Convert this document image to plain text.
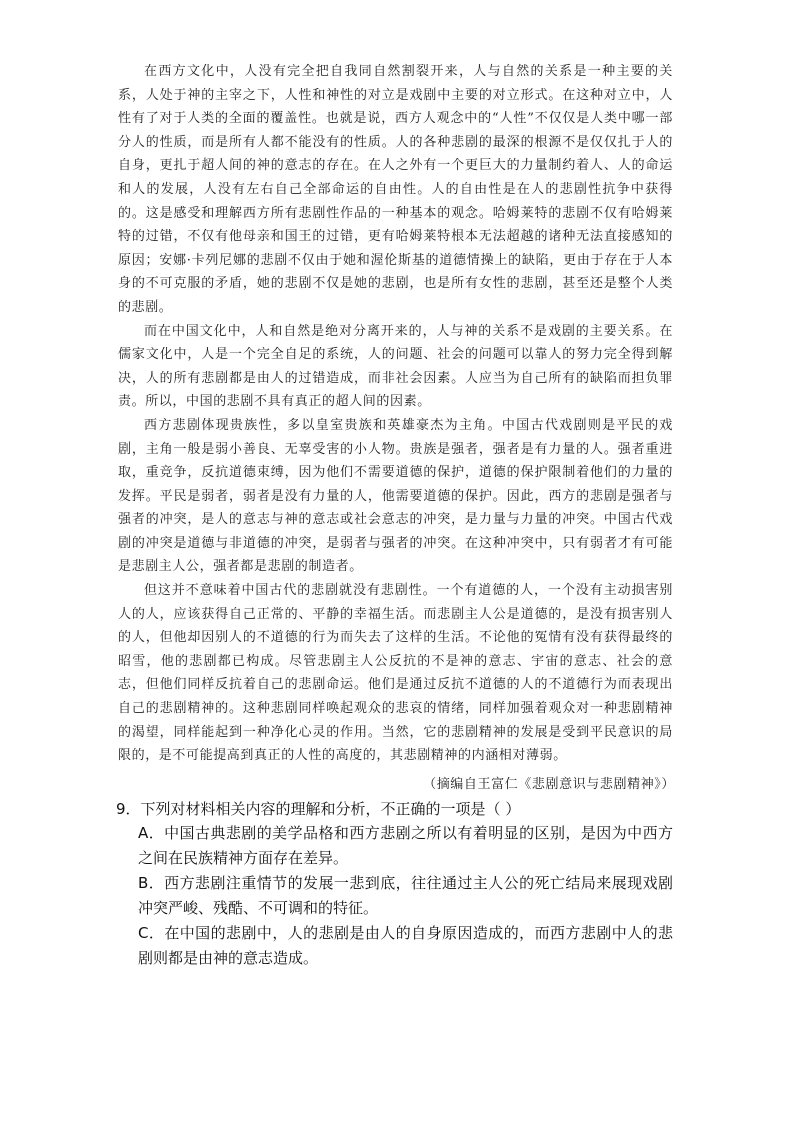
在西方文化中，人没有完全把自我同自然割裂开来，人与自然的关系是一种主要的关系，人处于神的主宰之下，人性和神性的对立是戏剧中主要的对立形式。在这种对立中，人性有了对于人类的全面的覆盖性。也就是说，西方人观念中的“人性”不仅仅是人类中哪一部分人的性质，而是所有人都不能没有的性质。人的各种悲剧的最深的根源不是仅仅扎于人的自身，更扎于超人间的神的意志的存在。在人之外有一个更巨大的力量制约着人、人的命运和人的发展，人没有左右自己全部命运的自由性。人的自由性是在人的悲剧性抗争中获得的。这是感受和理解西方所有悲剧性作品的一种基本的观念。哈姆莱特的悲剧不仅有哈姆莱特的过错，不仅有他母亲和国王的过错，更有哈姆莱特根本无法超越的诸种无法直接感知的原因；安娜·卡列尼娜的悲剧不仅由于她和渥伦斯基的道德情操上的缺陷，更由于存在于人本身的不可克服的矛盾，她的悲剧不仅是她的悲剧，也是所有女性的悲剧，甚至还是整个人类的悲剧。

而在中国文化中，人和自然是绝对分离开来的，人与神的关系不是戏剧的主要关系。在儒家文化中，人是一个完全自足的系统，人的问题、社会的问题可以靠人的努力完全得到解决，人的所有悲剧都是由人的过错造成，而非社会因素。人应当为自己所有的缺陷而担负罪责。所以，中国的悲剧不具有真正的超人间的因素。

西方悲剧体现贵族性，多以皇室贵族和英雄豪杰为主角。中国古代戏剧则是平民的戏剧，主角一般是弱小善良、无辜受害的小人物。贵族是强者，强者是有力量的人。强者重进取，重竞争，反抗道德束缚，因为他们不需要道德的保护，道德的保护限制着他们的力量的发挥。平民是弱者，弱者是没有力量的人，他需要道德的保护。因此，西方的悲剧是强者与强者的冲突，是人的意志与神的意志或社会意志的冲突，是力量与力量的冲突。中国古代戏剧的冲突是道德与非道德的冲突，是弱者与强者的冲突。在这种冲突中，只有弱者才有可能是悲剧主人公，强者都是悲剧的制造者。

但这并不意味着中国古代的悲剧就没有悲剧性。一个有道德的人，一个没有主动损害别人的人，应该获得自己正常的、平静的幸福生活。而悲剧主人公是道德的，是没有损害别人的人，但他却因别人的不道德的行为而失去了这样的生活。不论他的冤情有没有获得最终的昭雪，他的悲剧都已构成。尽管悲剧主人公反抗的不是神的意志、宇宙的意志、社会的意志，但他们同样反抗着自己的悲剧命运。他们是通过反抗不道德的人的不道德行为而表现出自己的悲剧精神的。这种悲剧同样唤起观众的悲哀的情绪，同样加强着观众对一种悲剧精神的渴望，同样能起到一种净化心灵的作用。当然，它的悲剧精神的发展是受到平民意识的局限的，是不可能提高到真正的人性的高度的，其悲剧精神的内涵相对薄弱。

（摘编自王富仁《悲剧意识与悲剧精神》）

9．下列对材料相关内容的理解和分析，不正确的一项是（ ）

A．中国古典悲剧的美学品格和西方悲剧之所以有着明显的区别，是因为中西方之间在民族精神方面存在差异。
B．西方悲剧注重情节的发展一悲到底，往往通过主人公的死亡结局来展现戏剧冲突严峻、残酷、不可调和的特征。
C．在中国的悲剧中，人的悲剧是由人的自身原因造成的，而西方悲剧中人的悲剧则都是由神的意志造成。
